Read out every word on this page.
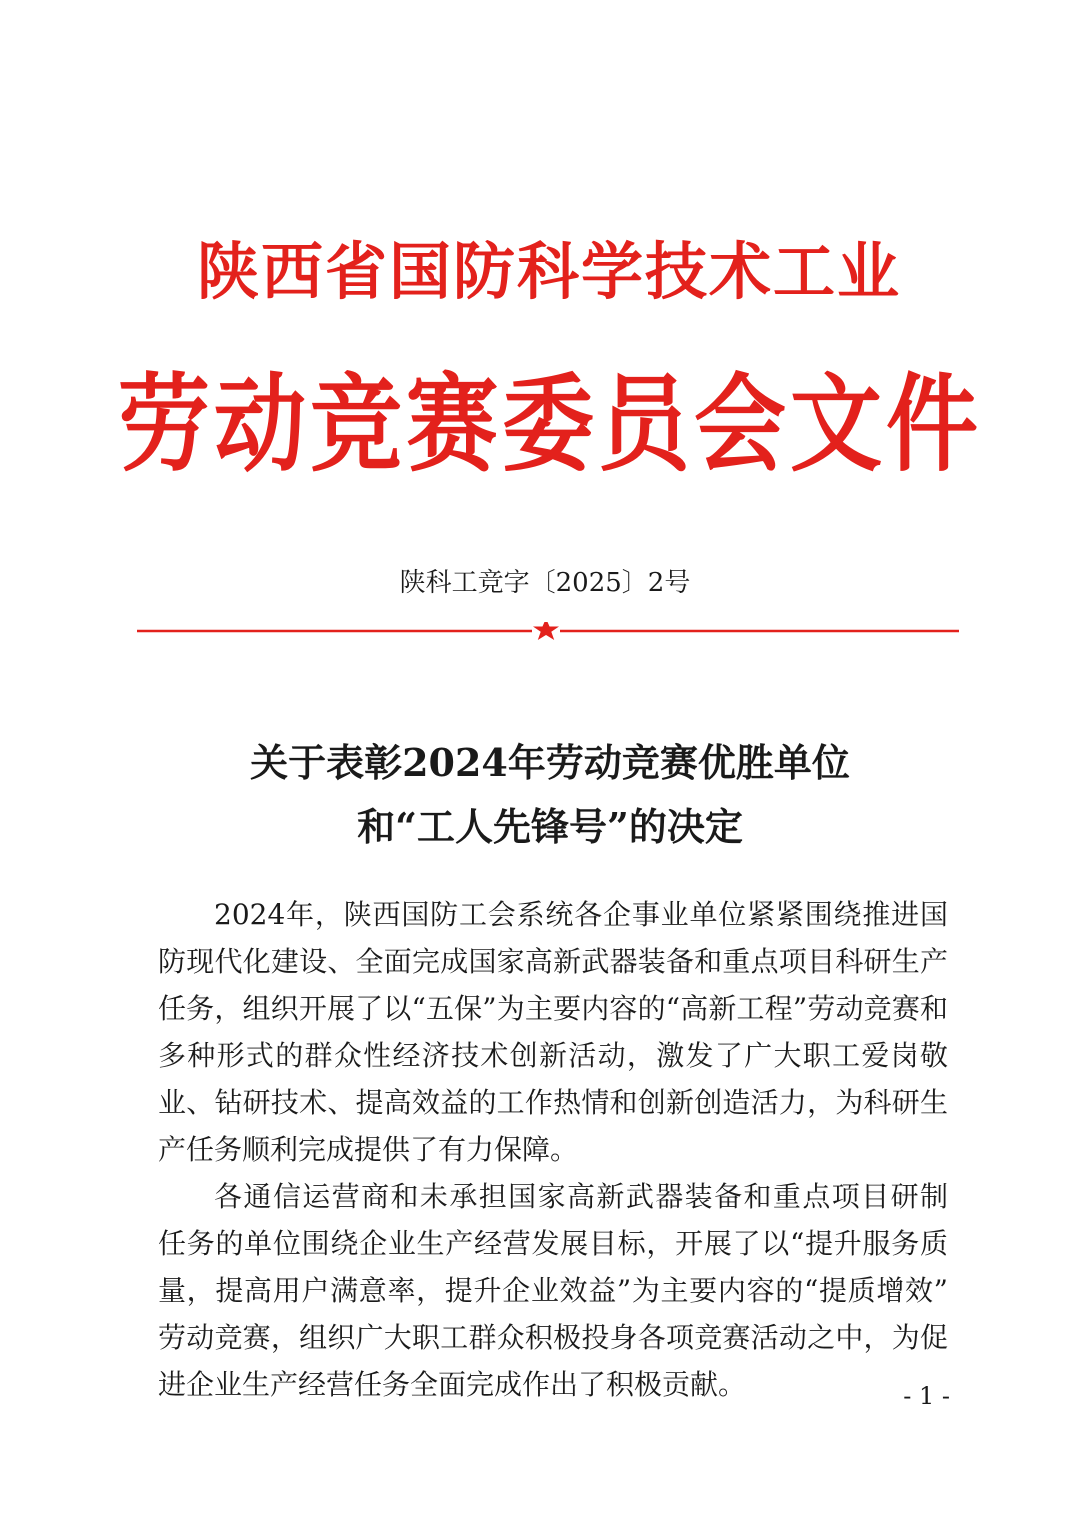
陕西省国防科学技术工业
劳动竞赛委员会文件
陕科工竞字〔2025〕2号
关于表彰2024年劳动竞赛优胜单位
和“工人先锋号”的决定
2024年，陕西国防工会系统各企事业单位紧紧围绕推进国
防现代化建设、全面完成国家高新武器装备和重点项目科研生产
任务，组织开展了以“五保”为主要内容的“高新工程”劳动竞赛和
多种形式的群众性经济技术创新活动，激发了广大职工爱岗敬
业、钻研技术、提高效益的工作热情和创新创造活力，为科研生
产任务顺利完成提供了有力保障。
各通信运营商和未承担国家高新武器装备和重点项目研制
任务的单位围绕企业生产经营发展目标，开展了以“提升服务质
量，提高用户满意率，提升企业效益”为主要内容的“提质增效”
劳动竞赛，组织广大职工群众积极投身各项竞赛活动之中，为促
进企业生产经营任务全面完成作出了积极贡献。	- 1 -
